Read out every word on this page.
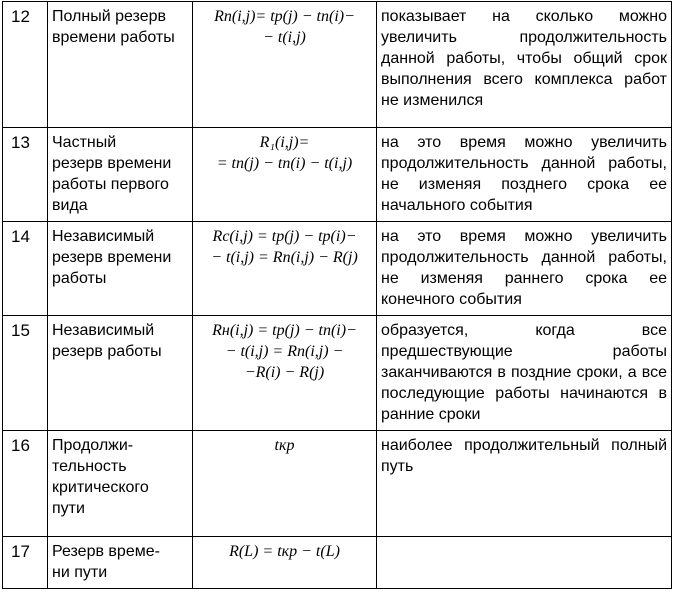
12	Полный резерв
времени работы	Rп(i,j)= tр(j) − tп(i)−
− t(i,j)	показывает на сколько можно увеличить продолжительность данной работы, чтобы общий срок выполнения всего комплекса работ не изменился
13	Частный
резерв времени
работы первого
вида	R₁(i,j)=
= tп(j) − tп(i) − t(i,j)	на это время можно увеличить продолжительность данной работы, не изменяя позднего срока ее начального события
14	Независимый
резерв времени
работы	Rс(i,j) = tр(j) − tр(i)−
− t(i,j) = Rп(i,j) − R(j)	на это время можно увеличить продолжительность данной работы, не изменяя раннего срока ее конечного события
15	Независимый
резерв работы	Rн(i,j) = tр(j) − tп(i)−
− t(i,j) = Rп(i,j) −
−R(i) − R(j)	образуется, когда все предшествующие работы заканчиваются в поздние сроки, а все последующие работы начинаются в ранние сроки
16	Продолжи-
тельность
критического
пути	tкр	наиболее продолжительный полный путь
17	Резерв време-
ни пути	R(L) = tкр − t(L)	
